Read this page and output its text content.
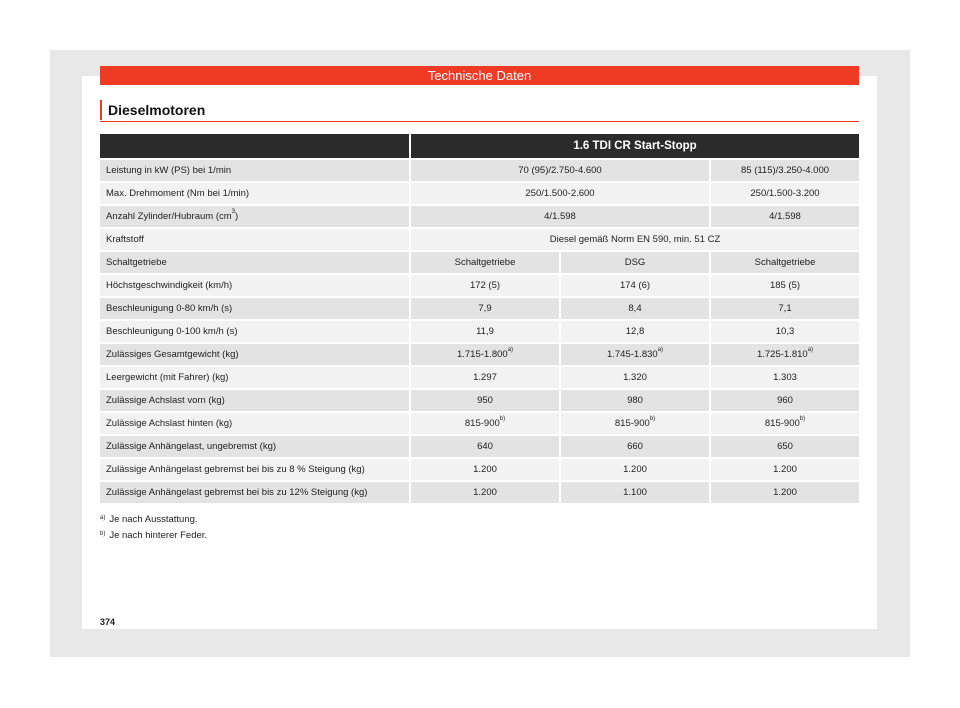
Technische Daten
Dieselmotoren
	1.6 TDI CR Start-Stopp		
Leistung in kW (PS) bei 1/min	70 (95)/2.750-4.600		85 (115)/3.250-4.000
Max. Drehmoment (Nm bei 1/min)	250/1.500-2.600		250/1.500-3.200
Anzahl Zylinder/Hubraum $(cm^3)$	4/1.598		4/1.598
Kraftstoff	Diesel gemäß Norm EN 590, min. 51 CZ		
Schaltgetriebe	Schaltgetriebe	DSG	Schaltgetriebe
Höchstgeschwindigkeit (km/h)	172 (5)	174 (6)	185 (5)
Beschleunigung 0-80 km/h (s)	7,9	8,4	7,1
Beschleunigung 0-100 km/h (s)	11,9	12,8	10,3
Zulässiges Gesamtgewicht (kg)	1.715-1.800$^{a)}$	1.745-1.830$^{a)}$	1.725-1.810$^{a)}$
Leergewicht (mit Fahrer) (kg)	1.297	1.320	1.303
Zulässige Achslast vorn (kg)	950	980	960
Zulässige Achslast hinten (kg)	815-900$^{b)}$	815-900$^{b)}$	815-900$^{b)}$
Zulässige Anhängelast, ungebremst (kg)	640	660	650
Zulässige Anhängelast gebremst bei bis zu 8 % Steigung (kg)	1.200	1.200	1.200
Zulässige Anhängelast gebremst bei bis zu 12% Steigung (kg)	1.200	1.100	1.200
$^{a)}$ Je nach Ausstattung.
$^{b)}$ Je nach hinterer Feder.
374
